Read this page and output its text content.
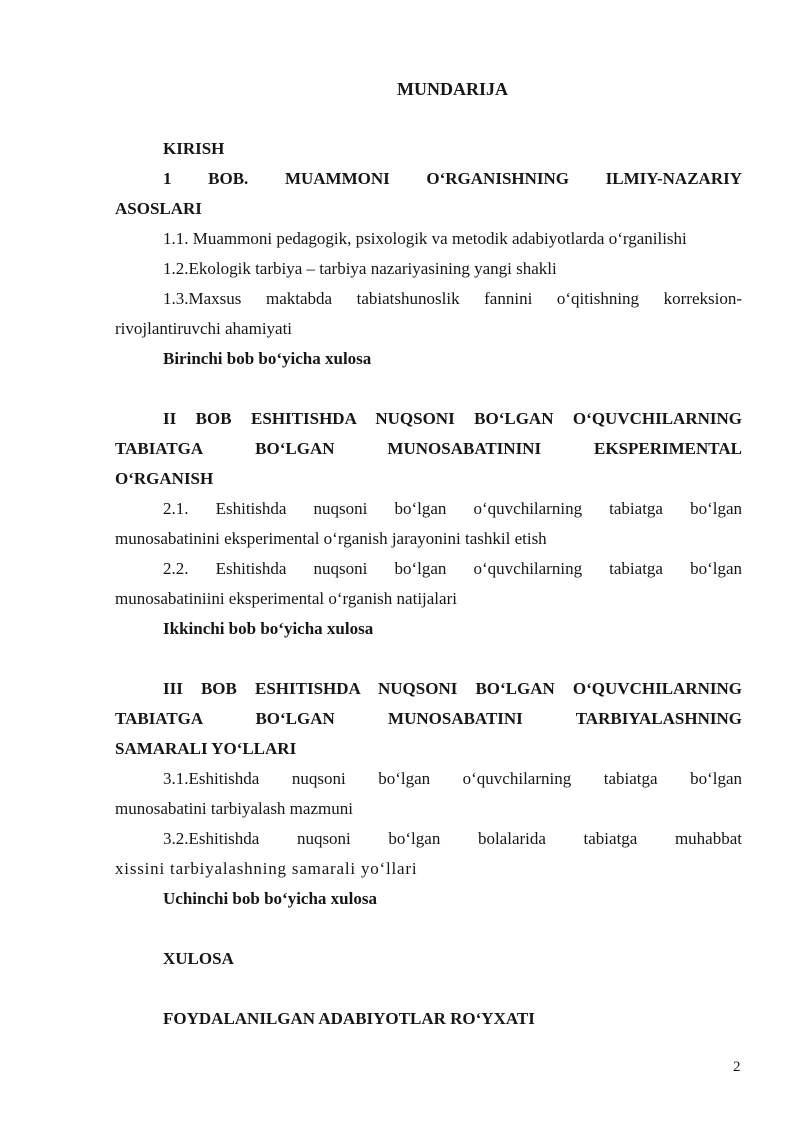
MUNDARIJA
KIRISH
1 BOB. MUAMMONI OʻRGANISHNING ILMIY-NAZARIY
ASOSLARI
1.1. Muammoni pedagogik, psixologik va metodik adabiyotlarda oʻrganilishi
1.2.Ekologik tarbiya – tarbiya nazariyasining yangi shakli
1.3.Maxsus maktabda tabiatshunoslik fannini oʻqitishning korreksion-
rivojlantiruvchi ahamiyati
Birinchi bob boʻyicha xulosa
II BOB ESHITISHDA NUQSONI BOʻLGAN OʻQUVCHILARNING
TABIATGA BOʻLGAN MUNOSABATININI EKSPERIMENTAL
OʻRGANISH
2.1. Eshitishda nuqsoni boʻlgan oʻquvchilarning tabiatga boʻlgan
munosabatinini eksperimental oʻrganish jarayonini tashkil etish
2.2. Eshitishda nuqsoni boʻlgan oʻquvchilarning tabiatga boʻlgan
munosabatiniini eksperimental oʻrganish natijalari
Ikkinchi bob boʻyicha xulosa
III BOB ESHITISHDA NUQSONI BOʻLGAN OʻQUVCHILARNING
TABIATGA BOʻLGAN MUNOSABATINI TARBIYALASHNING
SAMARALI YOʻLLARI
3.1.Eshitishda nuqsoni boʻlgan oʻquvchilarning tabiatga boʻlgan
munosabatini tarbiyalash mazmuni
3.2.Eshitishda nuqsoni boʻlgan bolalarida tabiatga muhabbat
xissini tarbiyalashning samarali yoʻllari
Uchinchi bob boʻyicha xulosa
XULOSA
FOYDALANILGAN ADABIYOTLAR ROʻYXATI
2
